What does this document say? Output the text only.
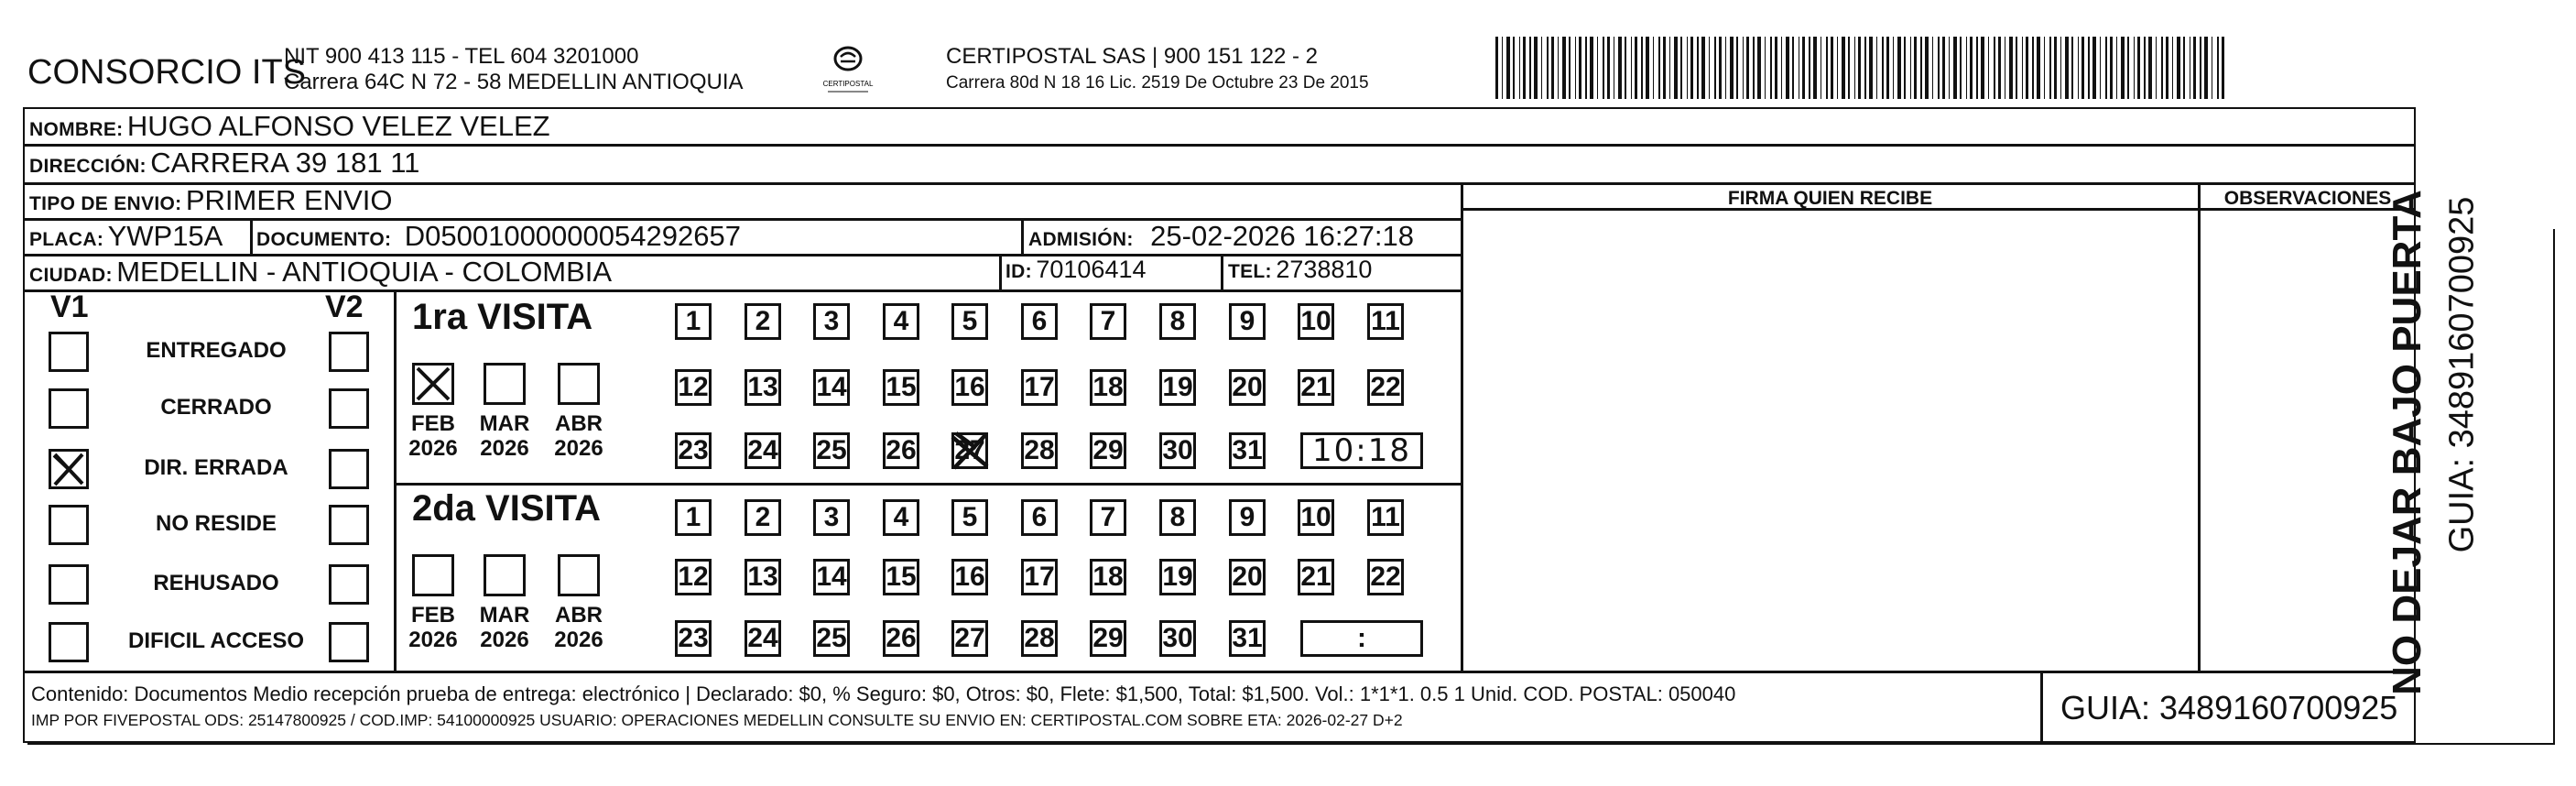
CONSORCIO ITS
NIT 900 413 115 - TEL 604 3201000
Carrera 64C N 72 - 58 MEDELLIN ANTIOQUIA	CERTIPOSTAL
CERTIPOSTAL SAS | 900 151 122 - 2
Carrera 80d N 18 16 Lic. 2519 De Octubre 23 De 2015
NOMBRE: HUGO ALFONSO VELEZ VELEZ
DIRECCIÓN: CARRERA 39 181 11
TIPO DE ENVIO: PRIMER ENVIO	FIRMA QUIEN RECIBE	OBSERVACIONES
PLACA: YWP15A DOCUMENTO: D05001000000054292657	ADMISIÓN: 25-02-2026 16:27:18
CIUDAD: MEDELLIN - ANTIOQUIA - COLOMBIA	ID: 70106414	TEL: 2738810
V1	V2
ENTREGADO
CERRADO
DIR. ERRADA
NO RESIDE
REHUSADO
DIFICIL ACCESO
1ra VISITA
2da VISITA
FEB
2026
MAR
2026
ABR
2026
FEB
2026
MAR
2026
ABR
2026
1 2 3 4 5 6 7 8 9 10 11
12 13 14 15 16 17 18 19 20 21 22
23 24 25 26 27 28 29 30 31 10:18
1 2 3 4 5 6 7 8 9 10 11
12 13 14 15 16 17 18 19 20 21 22
23 24 25 26 27 28 29 30 31	:
Contenido: Documentos Medio recepción prueba de entrega: electrónico | Declarado: $0, % Seguro: $0, Otros: $0, Flete: $1,500, Total: $1,500. Vol.: 1*1*1. 0.5 1 Unid. COD. POSTAL: 050040
IMP POR FIVEPOSTAL ODS: 25147800925 / COD.IMP: 54100000925 USUARIO: OPERACIONES MEDELLIN CONSULTE SU ENVIO EN: CERTIPOSTAL.COM SOBRE ETA: 2026-02-27 D+2	GUIA: 3489160700925
NO DEJAR BAJO PUERTA GUIA: 3489160700925
